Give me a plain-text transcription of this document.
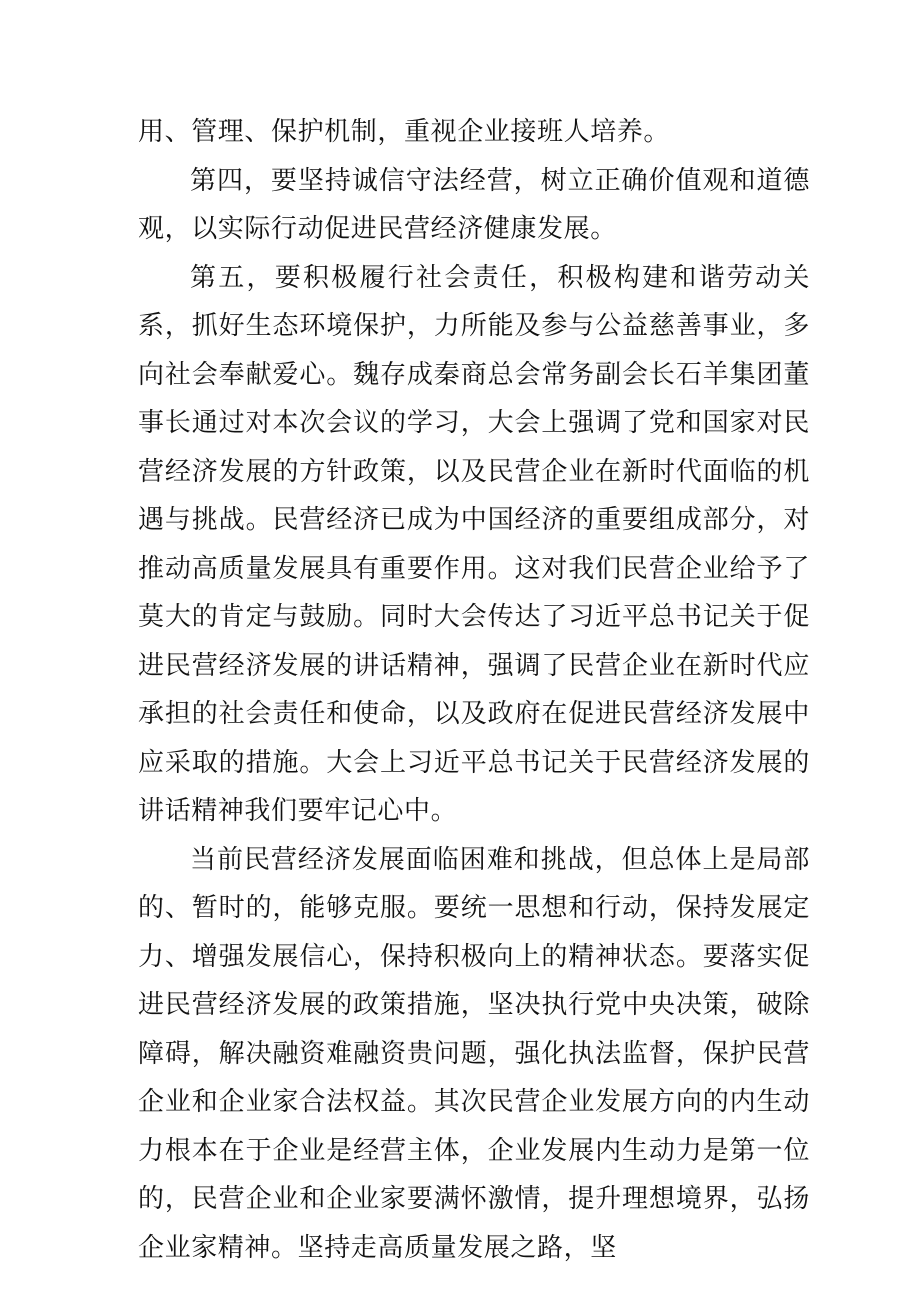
用、管理、保护机制，重视企业接班人培养。

第四，要坚持诚信守法经营，树立正确价值观和道德观，以实际行动促进民营经济健康发展。

第五，要积极履行社会责任，积极构建和谐劳动关系，抓好生态环境保护，力所能及参与公益慈善事业，多向社会奉献爱心。魏存成秦商总会常务副会长石羊集团董事长通过对本次会议的学习，大会上强调了党和国家对民营经济发展的方针政策，以及民营企业在新时代面临的机遇与挑战。民营经济已成为中国经济的重要组成部分，对推动高质量发展具有重要作用。这对我们民营企业给予了莫大的肯定与鼓励。同时大会传达了习近平总书记关于促进民营经济发展的讲话精神，强调了民营企业在新时代应承担的社会责任和使命，以及政府在促进民营经济发展中应采取的措施。大会上习近平总书记关于民营经济发展的讲话精神我们要牢记心中。

当前民营经济发展面临困难和挑战，但总体上是局部的、暂时的，能够克服。要统一思想和行动，保持发展定力、增强发展信心，保持积极向上的精神状态。要落实促进民营经济发展的政策措施，坚决执行党中央决策，破除障碍，解决融资难融资贵问题，强化执法监督，保护民营企业和企业家合法权益。其次民营企业发展方向的内生动力根本在于企业是经营主体，企业发展内生动力是第一位的，民营企业和企业家要满怀激情，提升理想境界，弘扬企业家精神。坚持走高质量发展之路，坚
